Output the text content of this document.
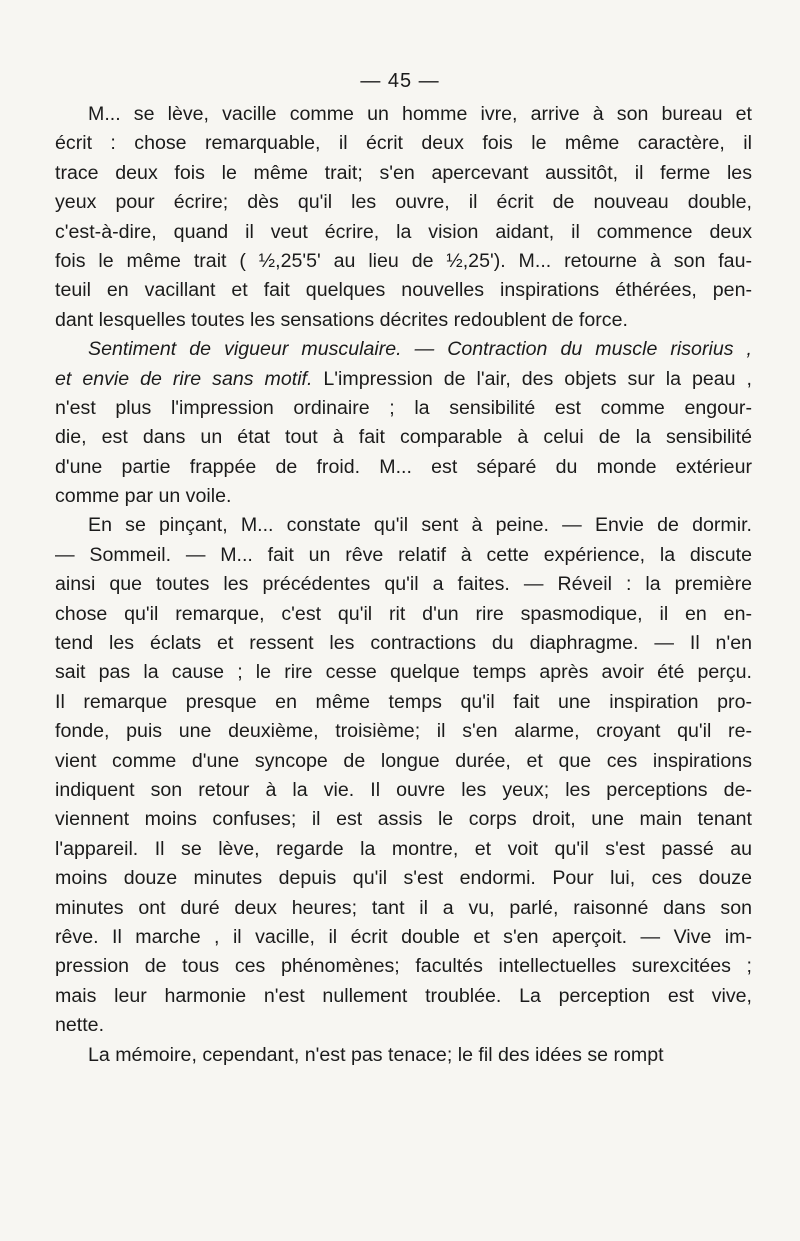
— 45 —
M... se lève, vacille comme un homme ivre, arrive à son bureau et
écrit : chose remarquable, il écrit deux fois le même caractère, il
trace deux fois le même trait; s'en apercevant aussitôt, il ferme les
yeux pour écrire; dès qu'il les ouvre, il écrit de nouveau double,
c'est-à-dire, quand il veut écrire, la vision aidant, il commence deux
fois le même trait ( ½,25'5' au lieu de ½,25'). M... retourne à son fau-
teuil en vacillant et fait quelques nouvelles inspirations éthérées, pen-
dant lesquelles toutes les sensations décrites redoublent de force.
Sentiment de vigueur musculaire. — Contraction du muscle risorius ,
et envie de rire sans motif. L'impression de l'air, des objets sur la peau ,
n'est plus l'impression ordinaire ; la sensibilité est comme engour-
die, est dans un état tout à fait comparable à celui de la sensibilité
d'une partie frappée de froid. M... est séparé du monde extérieur
comme par un voile.
En se pinçant, M... constate qu'il sent à peine. — Envie de dormir.
— Sommeil. — M... fait un rêve relatif à cette expérience, la discute
ainsi que toutes les précédentes qu'il a faites. — Réveil : la première
chose qu'il remarque, c'est qu'il rit d'un rire spasmodique, il en en-
tend les éclats et ressent les contractions du diaphragme. — Il n'en
sait pas la cause ; le rire cesse quelque temps après avoir été perçu.
Il remarque presque en même temps qu'il fait une inspiration pro-
fonde, puis une deuxième, troisième; il s'en alarme, croyant qu'il re-
vient comme d'une syncope de longue durée, et que ces inspirations
indiquent son retour à la vie. Il ouvre les yeux; les perceptions de-
viennent moins confuses; il est assis le corps droit, une main tenant
l'appareil. Il se lève, regarde la montre, et voit qu'il s'est passé au
moins douze minutes depuis qu'il s'est endormi. Pour lui, ces douze
minutes ont duré deux heures; tant il a vu, parlé, raisonné dans son
rêve. Il marche , il vacille, il écrit double et s'en aperçoit. — Vive im-
pression de tous ces phénomènes; facultés intellectuelles surexcitées ;
mais leur harmonie n'est nullement troublée. La perception est vive,
nette.
La mémoire, cependant, n'est pas tenace; le fil des idées se rompt
